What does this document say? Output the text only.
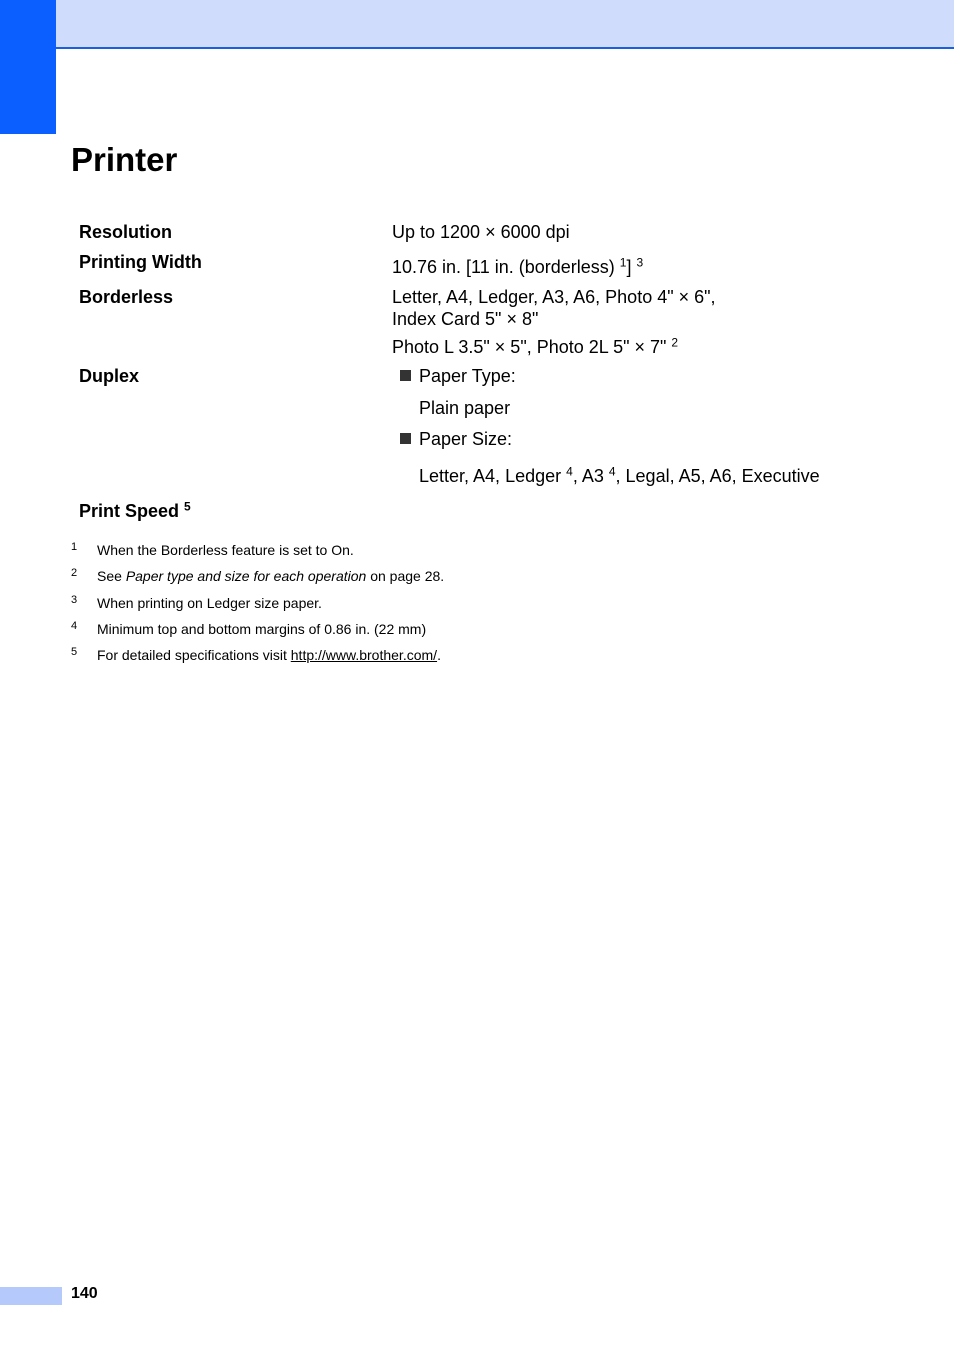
Printer
Resolution	Up to 1200 × 6000 dpi
Printing Width	10.76 in. [11 in. (borderless) $^1$] $^3$
Borderless	Letter, A4, Ledger, A3, A6, Photo 4" × 6",
Index Card 5" × 8"
Photo L 3.5" × 5", Photo 2L 5" × 7" $^2$
Duplex	Paper Type:
Plain paper
Paper Size:
Letter, A4, Ledger $^4$, A3 $^4$, Legal, A5, A6, Executive
Print Speed $^5$
1 When the Borderless feature is set to On.
2 See Paper type and size for each operation on page 28.
3 When printing on Ledger size paper.
4 Minimum top and bottom margins of 0.86 in. (22 mm)
5 For detailed specifications visit http://www.brother.com/.
140
